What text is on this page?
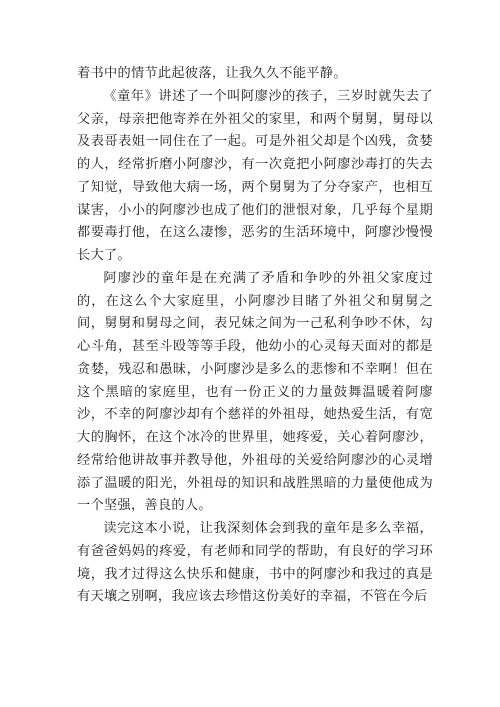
着书中的情节此起彼落，让我久久不能平静。

《童年》讲述了一个叫阿廖沙的孩子，三岁时就失去了父亲，母亲把他寄养在外祖父的家里，和两个舅舅，舅母以及表哥表姐一同住在了一起。可是外祖父却是个凶残，贪婪的人，经常折磨小阿廖沙，有一次竟把小阿廖沙毒打的失去了知觉，导致他大病一场，两个舅舅为了分夺家产，也相互谋害，小小的阿廖沙也成了他们的泄恨对象，几乎每个星期都要毒打他，在这么凄惨，恶劣的生活环境中，阿廖沙慢慢长大了。

阿廖沙的童年是在充满了矛盾和争吵的外祖父家度过的，在这么个大家庭里，小阿廖沙目睹了外祖父和舅舅之间，舅舅和舅母之间，表兄妹之间为一己私利争吵不休，勾心斗角，甚至斗殴等等手段，他幼小的心灵每天面对的都是贪婪，残忍和愚昧，小阿廖沙是多么的悲惨和不幸啊！但在这个黑暗的家庭里，也有一份正义的力量鼓舞温暖着阿廖沙，不幸的阿廖沙却有个慈祥的外祖母，她热爱生活，有宽大的胸怀，在这个冰冷的世界里，她疼爱，关心着阿廖沙，经常给他讲故事并教导他，外祖母的关爱给阿廖沙的心灵增添了温暖的阳光，外祖母的知识和战胜黑暗的力量使他成为一个坚强，善良的人。

读完这本小说，让我深刻体会到我的童年是多么幸福，有爸爸妈妈的疼爱，有老师和同学的帮助，有良好的学习环境，我才过得这么快乐和健康，书中的阿廖沙和我过的真是有天壤之别啊，我应该去珍惜这份美好的幸福，不管在今后
